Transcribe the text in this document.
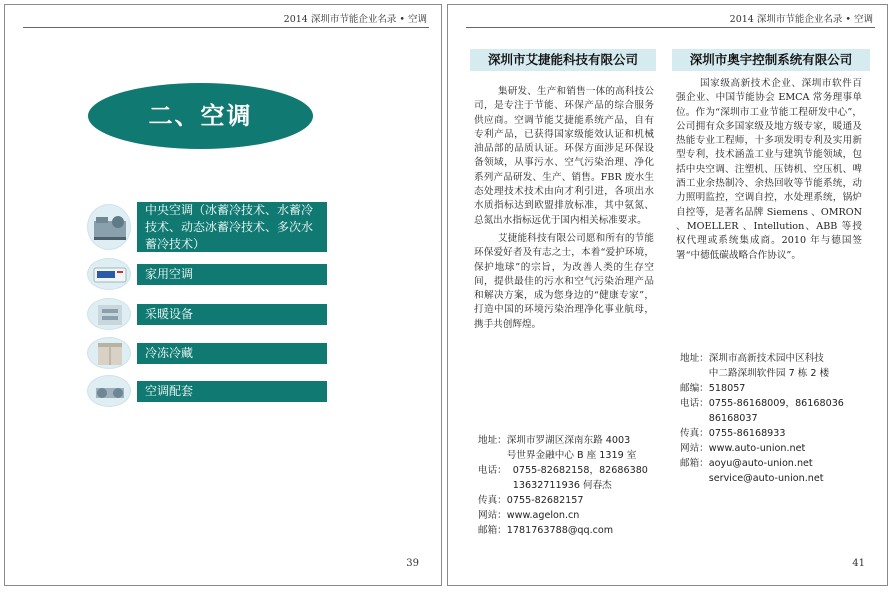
2014 深圳市节能企业名录 • 空调
二、空调
中央空调（冰蓄冷技术、水蓄冷技术、动态冰蓄冷技术、多次水蓄冷技术）
家用空调
采暖设备
冷冻冷藏
空调配套
39
2014 深圳市节能企业名录 • 空调
深圳市艾捷能科技有限公司

集研发、生产和销售一体的高科技公司，是专注于节能、环保产品的综合服务供应商。空调节能艾捷能系统产品，自有专利产品，已获得国家级能效认证和机械油品部的品质认证。环保方面涉足环保设备领域，从事污水、空气污染治理、净化系列产品研发、生产、销售。FBR 废水生态处理技术技术由向才利引进，各项出水水质指标达到欧盟排放标准，其中氨氮、总氮出水指标远优于国内相关标准要求。

艾捷能科技有限公司愿和所有的节能环保爱好者及有志之士，本着“爱护环境，保护地球”的宗旨，为改善人类的生存空间，提供最佳的污水和空气污染治理产品和解决方案，成为您身边的“健康专家”，打造中国的环境污染治理净化事业航母，携手共创辉煌。

地址： 深圳市罗湖区深南东路 4003
号世界金融中心 B 座 1319 室
电话： 0755-82682158，82686380
13632711936 何春杰
传真： 0755-82682157
网站： www.agelon.cn
邮箱： 1781763788@qq.com
深圳市奥宇控制系统有限公司

国家级高新技术企业、深圳市软件百强企业、中国节能协会 EMCA 常务理事单位。作为“深圳市工业节能工程研发中心”，公司拥有众多国家级及地方级专家，暖通及热能专业工程师，十多项发明专利及实用新型专利，技术涵盖工业与建筑节能领域，包括中央空调、注塑机、压铸机、空压机、啤酒工业余热制冷、余热回收等节能系统，动力照明监控，空调自控，水处理系统，锅炉自控等，是著名品牌 Siemens 、OMRON 、MOELLER 、Intellution、ABB 等授权代理或系统集成商。2010 年与德国签署“中德低碳战略合作协议”。

地址： 深圳市高新技术园中区科技
中二路深圳软件园 7 栋 2 楼
邮编： 518057
电话： 0755-86168009，86168036
86168037
传真： 0755-86168933
网站： www.auto-union.net
邮箱： aoyu@auto-union.net
service@auto-union.net
41
